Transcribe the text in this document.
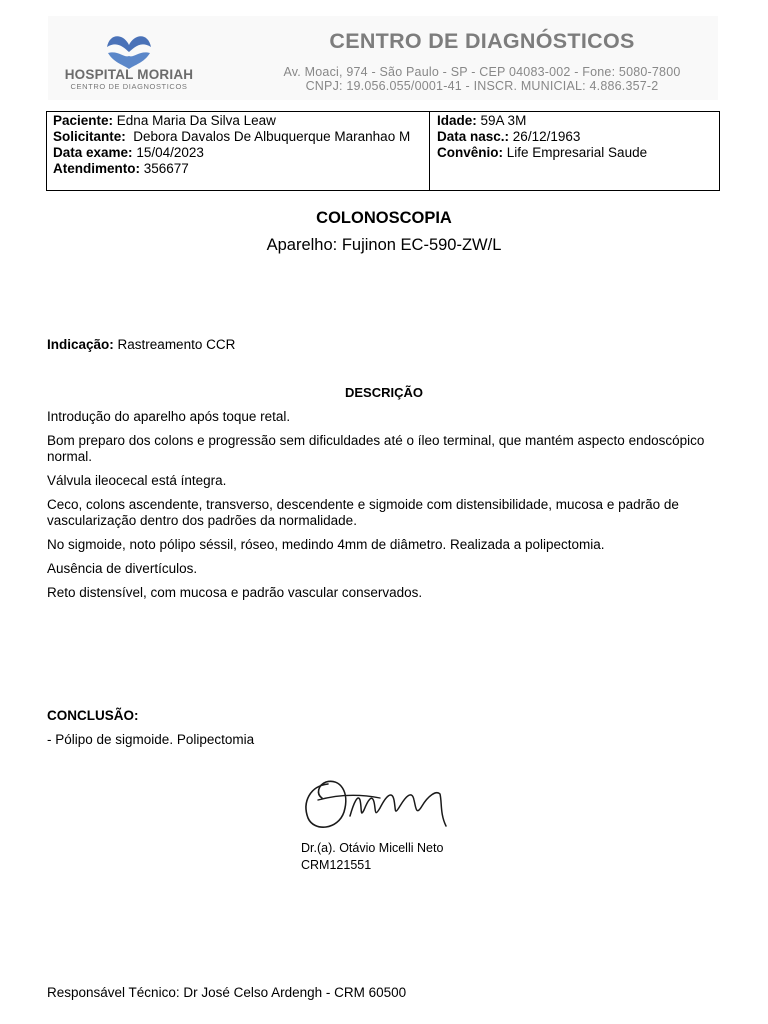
HOSPITAL MORIAH
CENTRO DE DIAGNOSTICOS
CENTRO DE DIAGNÓSTICOS
Av. Moaci, 974 - São Paulo - SP - CEP 04083-002 - Fone: 5080-7800
CNPJ: 19.056.055/0001-41 - INSCR. MUNICIAL: 4.886.357-2
Paciente: Edna Maria Da Silva Leaw
Solicitante: Debora Davalos De Albuquerque Maranhao M
Data exame: 15/04/2023
Atendimento: 356677
Idade: 59A 3M
Data nasc.: 26/12/1963
Convênio: Life Empresarial Saude
COLONOSCOPIA
Aparelho: Fujinon EC-590-ZW/L
Indicação: Rastreamento CCR
DESCRIÇÃO

Introdução do aparelho após toque retal.

Bom preparo dos colons e progressão sem dificuldades até o íleo terminal, que mantém aspecto endoscópico normal.

Válvula ileocecal está íntegra.

Ceco, colons ascendente, transverso, descendente e sigmoide com distensibilidade, mucosa e padrão de vascularização dentro dos padrões da normalidade.

No sigmoide, noto pólipo séssil, róseo, medindo 4mm de diâmetro. Realizada a polipectomia.

Ausência de divertículos.

Reto distensível, com mucosa e padrão vascular conservados.

CONCLUSÃO:
- Pólipo de sigmoide. Polipectomia
Dr.(a). Otávio Micelli Neto
CRM121551
Responsável Técnico: Dr José Celso Ardengh - CRM 60500
